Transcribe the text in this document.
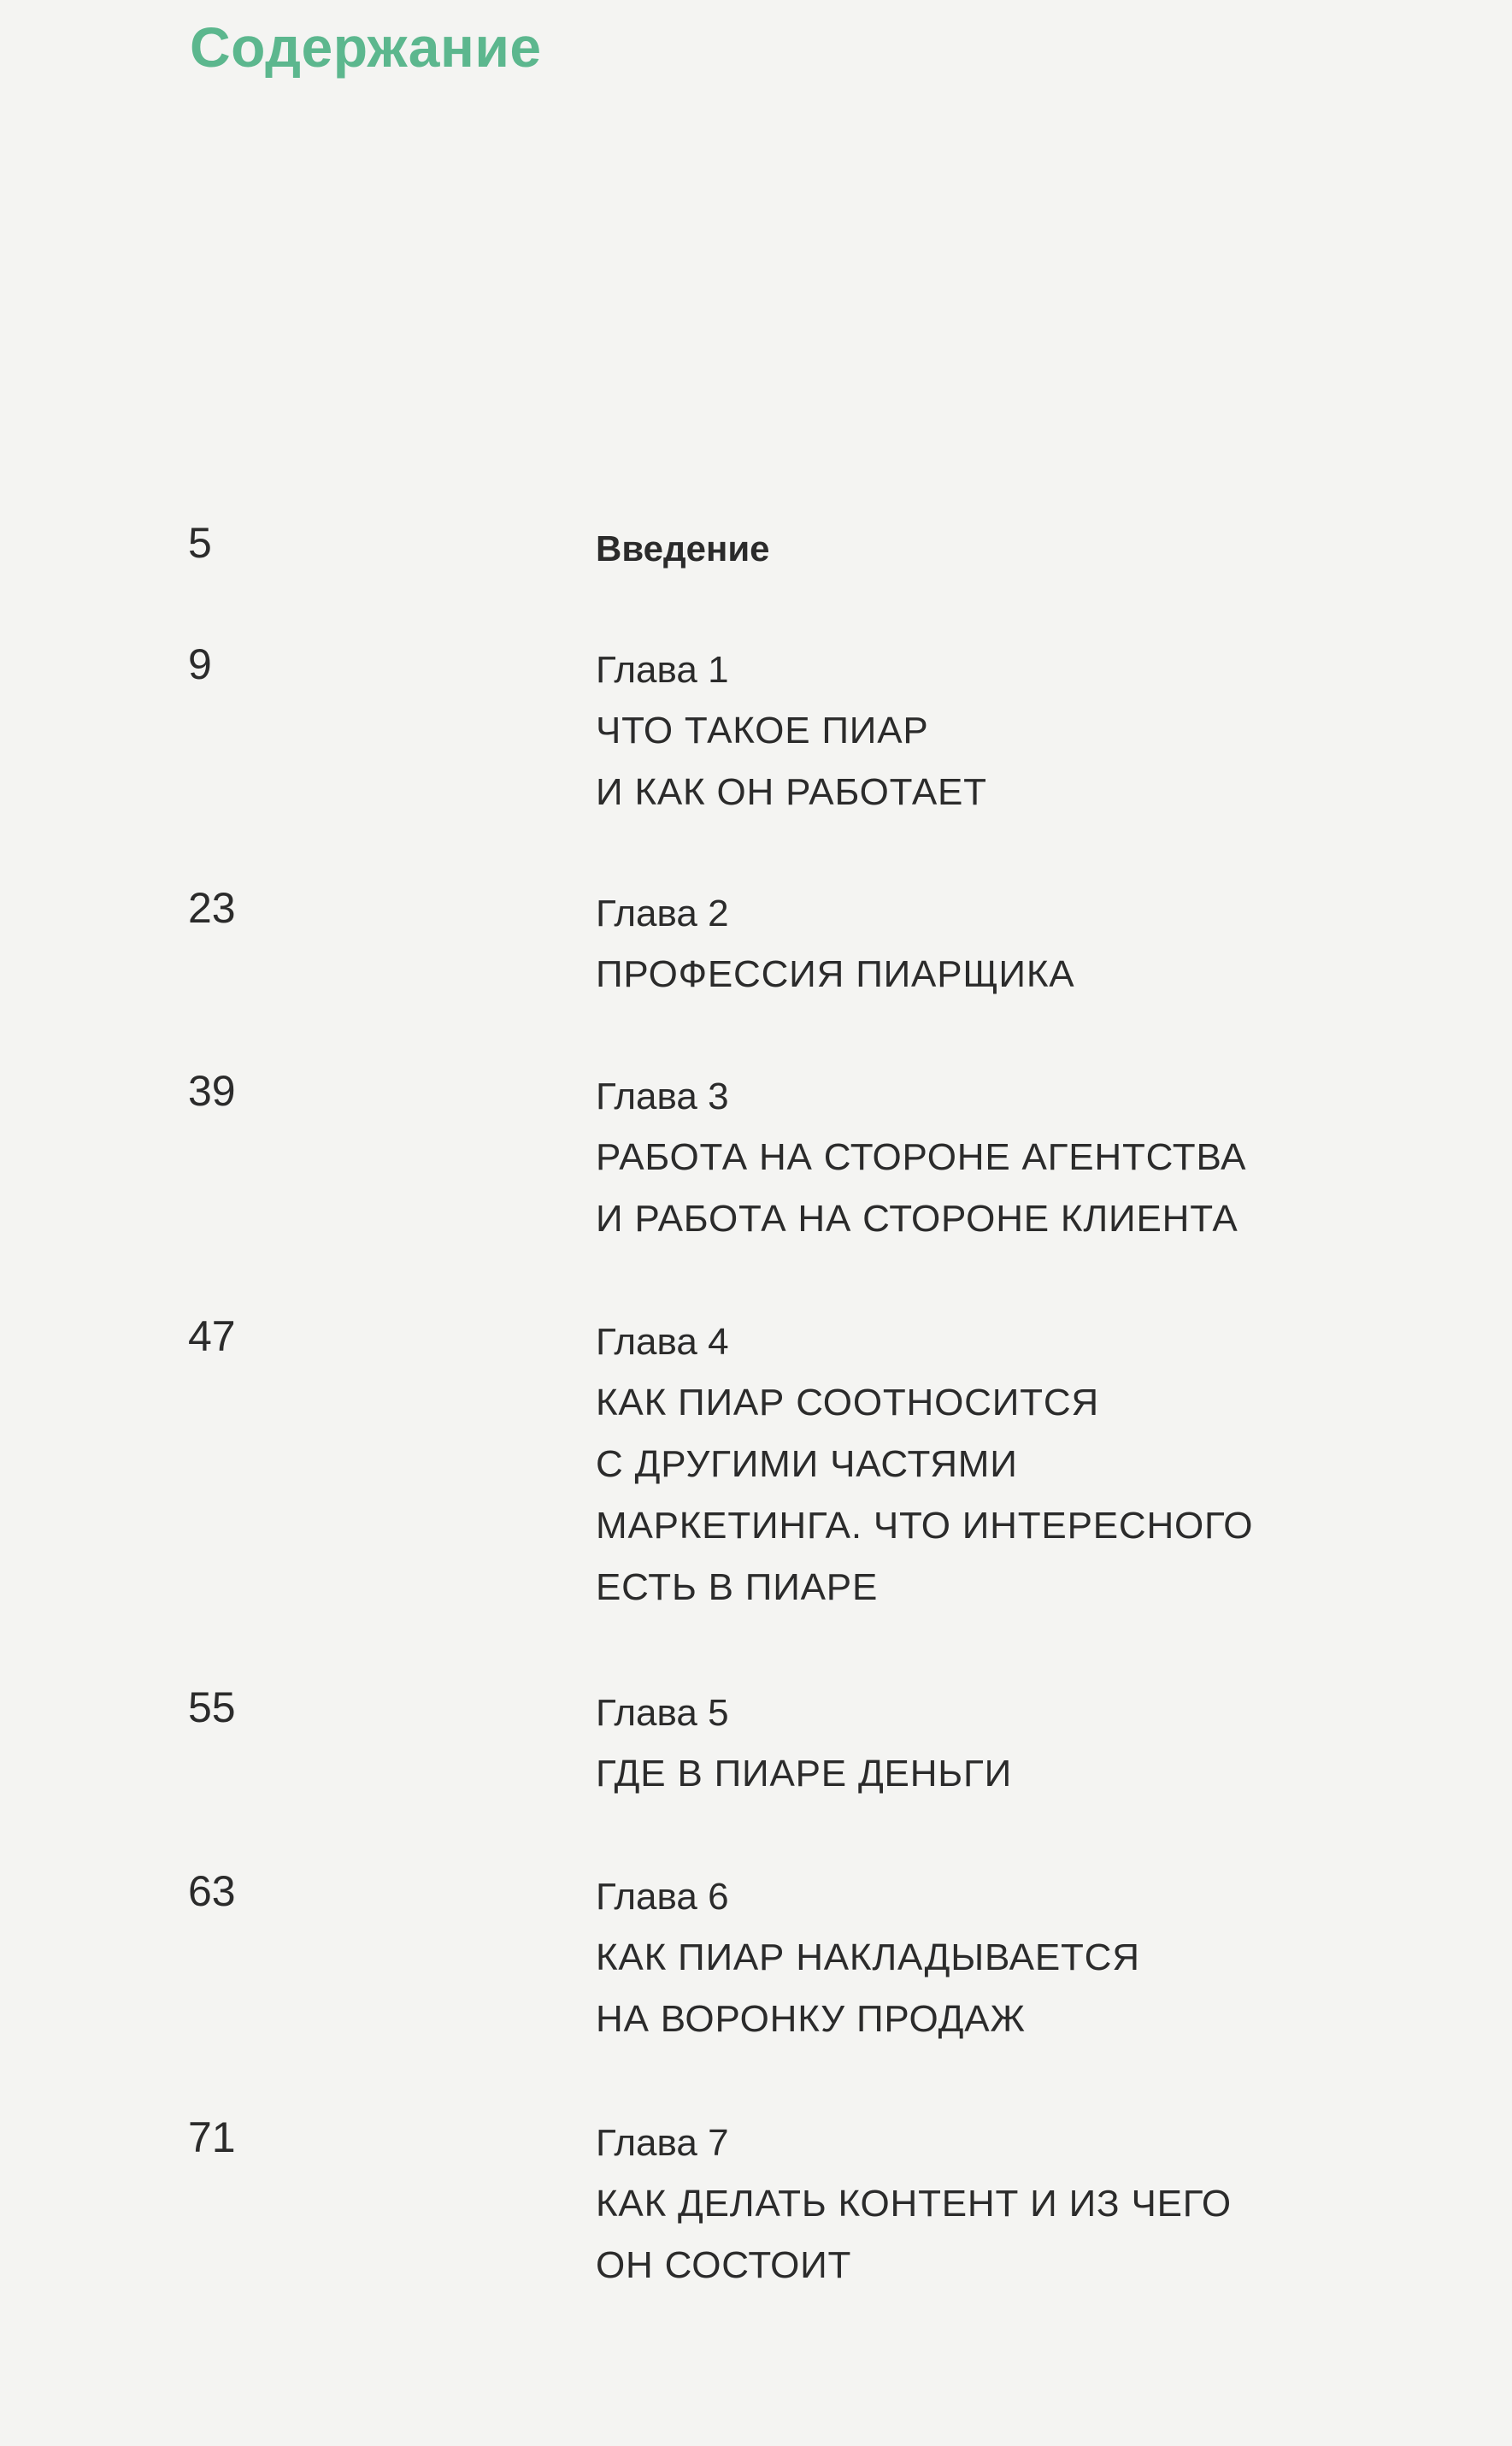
Содержание
5	Введение

9	Глава 1

ЧТО ТАКОЕ ПИАР

И КАК ОН РАБОТАЕТ

23	Глава 2

ПРОФЕССИЯ ПИАРЩИКА

39	Глава 3

РАБОТА НА СТОРОНЕ АГЕНТСТВА

И РАБОТА НА СТОРОНЕ КЛИЕНТА

47	Глава 4

КАК ПИАР СООТНОСИТСЯ

С ДРУГИМИ ЧАСТЯМИ

МАРКЕТИНГА. ЧТО ИНТЕРЕСНОГО

ЕСТЬ В ПИАРЕ

55	Глава 5

ГДЕ В ПИАРЕ ДЕНЬГИ

63	Глава 6

КАК ПИАР НАКЛАДЫВАЕТСЯ

НА ВОРОНКУ ПРОДАЖ

71	Глава 7

КАК ДЕЛАТЬ КОНТЕНТ И ИЗ ЧЕГО

ОН СОСТОИТ
